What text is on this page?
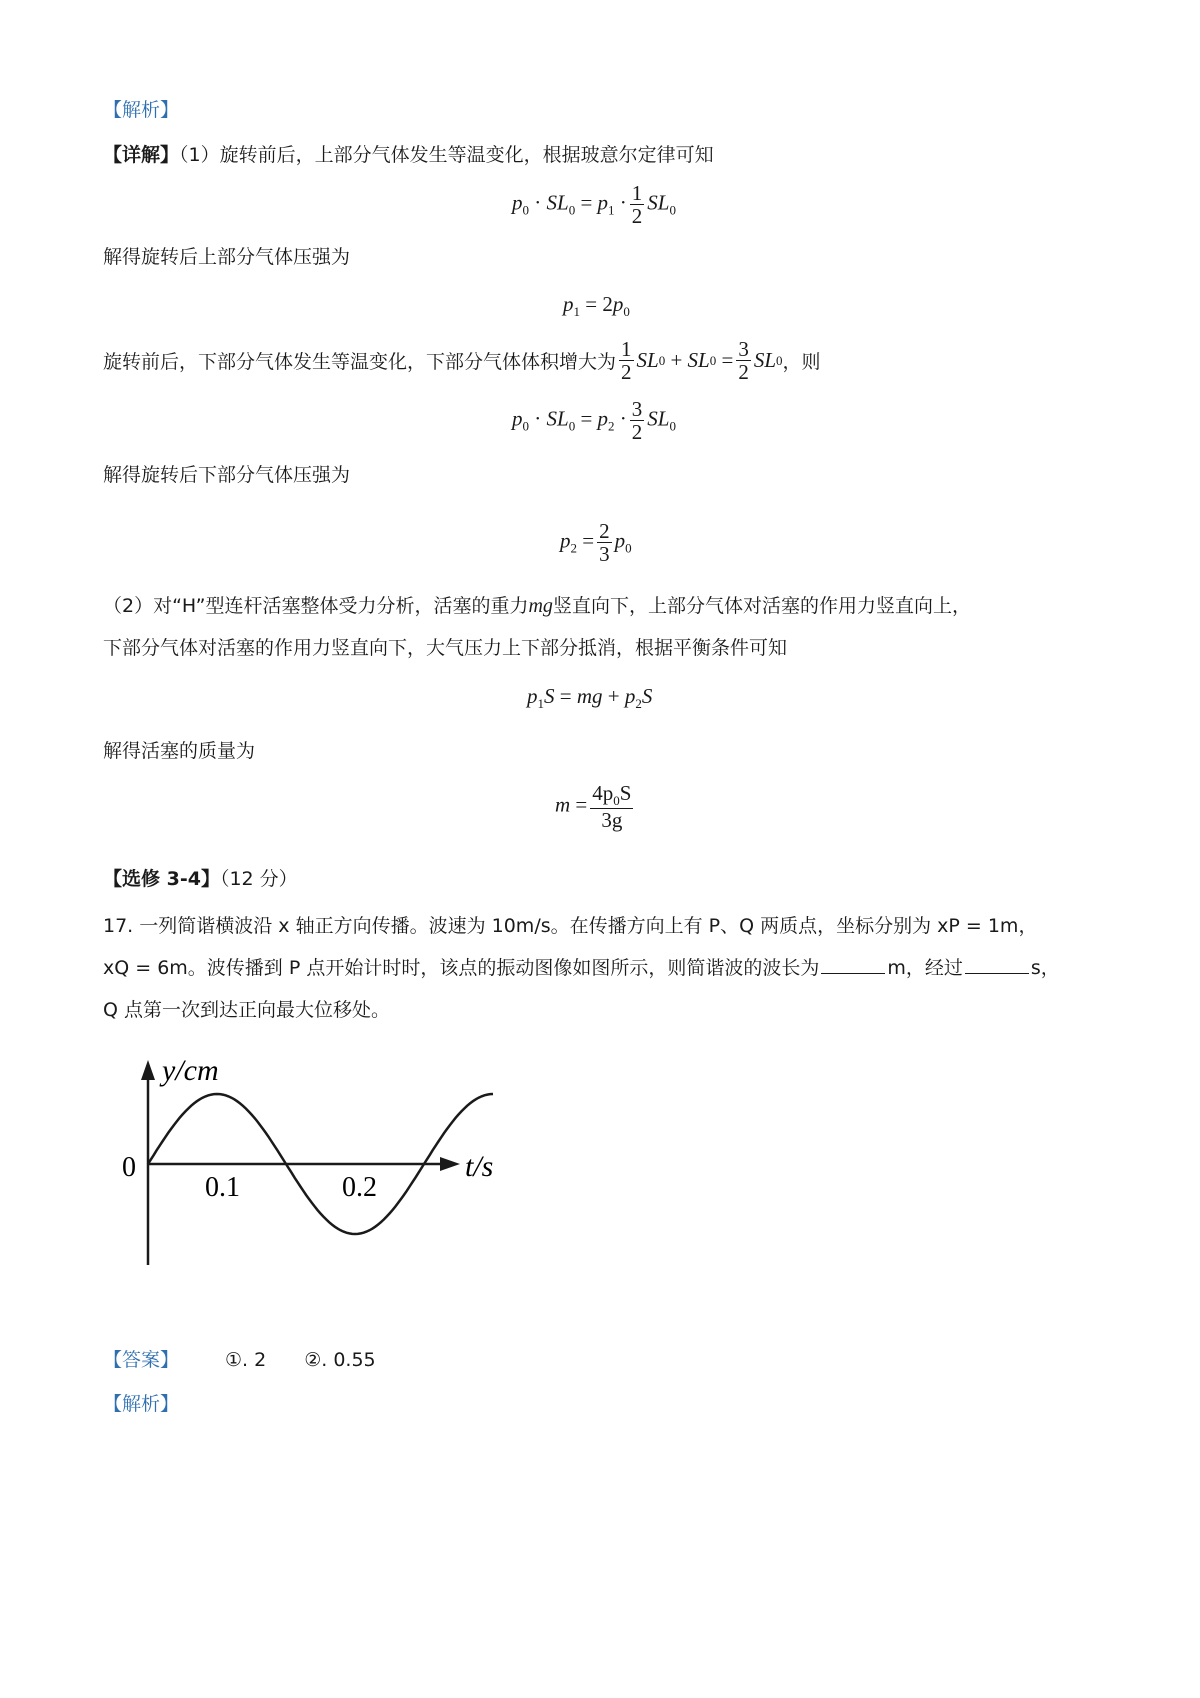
【解析】
【详解】（1）旋转前后，上部分气体发生等温变化，根据玻意尔定律可知
$p_0 \cdot SL_0 = p_1 \cdot \frac{1}{2} SL_0$
解得旋转后上部分气体压强为
$p_1 = 2p_0$
旋转前后，下部分气体发生等温变化，下部分气体体积增大为 $\frac{1}{2}$ SL 0
+ SL 0
= $\frac{3}{2}$ SL 0 ，则
$p_0 \cdot SL_0 = p_2 \cdot \frac{3}{2} SL_0$
解得旋转后下部分气体压强为
$p_2 = \frac{2}{3} p_0$
（2）对“H”型连杆活塞整体受力分析，活塞的重力mg竖直向下，上部分气体对活塞的作用力竖直向上，
下部分气体对活塞的作用力竖直向下，大气压力上下部分抵消，根据平衡条件可知
$p_1S$ = mg + $p_2S$
解得活塞的质量为
$m = \frac{4p_0S}{3g}$
【选修 3-4】（12 分）
17. 一列简谐横波沿 x 轴正方向传播。波速为 10m/s。在传播方向上有 P、Q 两质点，坐标分别为 xP = 1m，
xQ = 6m。波传播到 P 点开始计时时，该点的振动图像如图所示，则简谐波的波长为	m，经过	s，
Q 点第一次到达正向最大位移处。
y/cm
t/s
0
0.1	0.2
【答案】 ①. 2 ②. 0.55
【解析】
